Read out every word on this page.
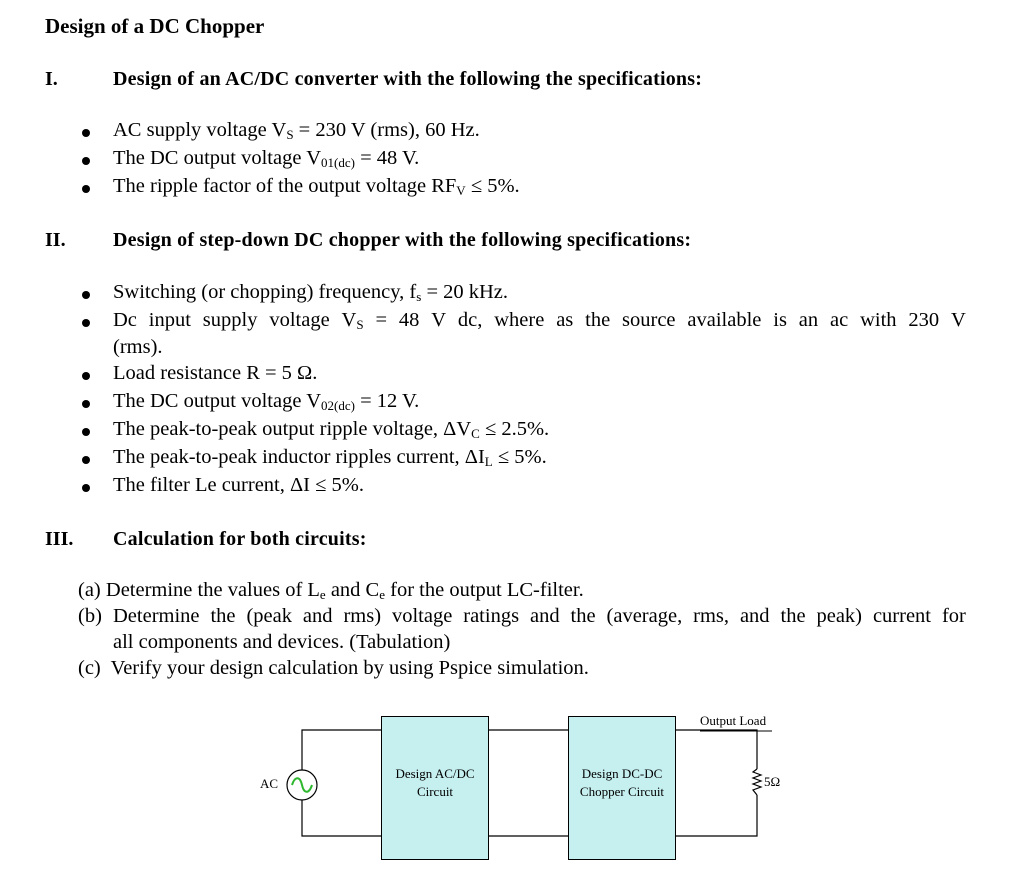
Design of a DC Chopper
I.	Design of an AC/DC converter with the following the specifications:
AC supply voltage $V_S = 230$ V (rms), 60 Hz.
The DC output voltage $V_{01(dc)} = 48$ V.
The ripple factor of the output voltage $RF_V \le 5\%$.
II. Design of step-down DC chopper with the following specifications:
Switching (or chopping) frequency, $f_s = 20$ kHz.
Dc input supply voltage $V_S = 48$ V dc, where as the source available is an ac with 230 V
(rms).
Load resistance R = 5 Ω.
The DC output voltage $V_{02(dc)} = 12$ V.
The peak-to-peak output ripple voltage, $\Delta V_C \le 2.5\%$.
The peak-to-peak inductor ripples current, $\Delta I_L \le 5\%$.
The filter Le current, ΔI ≤ 5%.
III. Calculation for both circuits:
(a) Determine the values of $L_e$ and $C_e$ for the output LC-filter.
(b) Determine the (peak and rms) voltage ratings and the (average, rms, and the peak) current for
all components and devices. (Tabulation)
(c) Verify your design calculation by using Pspice simulation.
AC
Design AC/DC
Circuit
Design DC-DC
Chopper Circuit
Output Load
5Ω
